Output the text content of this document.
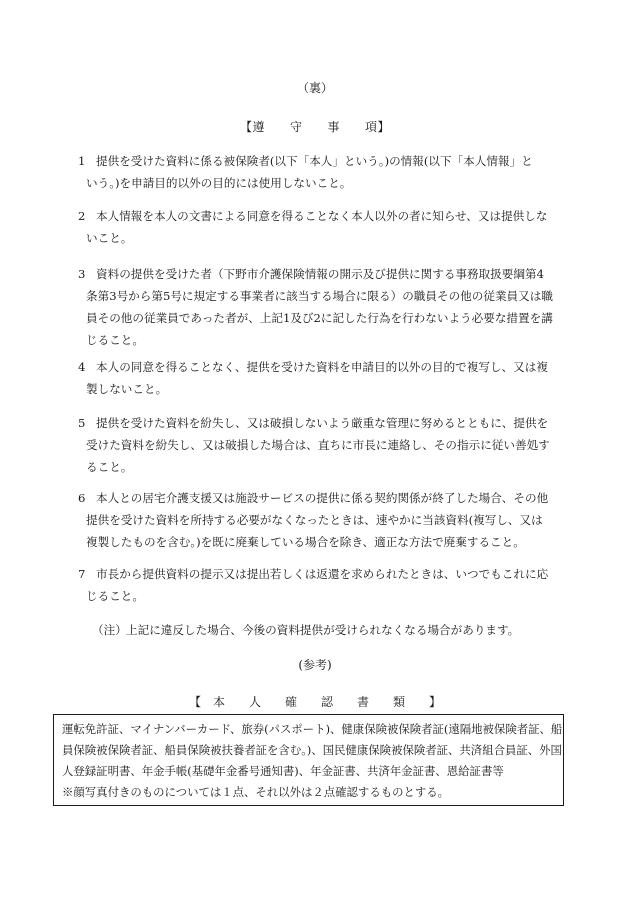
（裏）
【遵　　守　　事　　項】
1 提供を受けた資料に係る被保険者(以下「本人」という。)の情報(以下「本人情報」と
いう。)を申請目的以外の目的には使用しないこと。
2 本人情報を本人の文書による同意を得ることなく本人以外の者に知らせ、又は提供しな
いこと。
3 資料の提供を受けた者（下野市介護保険情報の開示及び提供に関する事務取扱要綱第4
条第3号から第5号に規定する事業者に該当する場合に限る）の職員その他の従業員又は職
員その他の従業員であった者が、上記1及び2に記した行為を行わないよう必要な措置を講
じること。
4 本人の同意を得ることなく、提供を受けた資料を申請目的以外の目的で複写し、又は複
製しないこと。
5 提供を受けた資料を紛失し、又は破損しないよう厳重な管理に努めるとともに、提供を
受けた資料を紛失し、又は破損した場合は、直ちに市長に連絡し、その指示に従い善処す
ること。
6 本人との居宅介護支援又は施設サービスの提供に係る契約関係が終了した場合、その他
提供を受けた資料を所持する必要がなくなったときは、速やかに当該資料(複写し、又は
複製したものを含む。)を既に廃棄している場合を除き、適正な方法で廃棄すること。
7 市長から提供資料の提示又は提出若しくは返還を求められたときは、いつでもこれに応
じること。
（注）上記に違反した場合、今後の資料提供が受けられなくなる場合があります。
(参考)
【　本　　人　　確　　認　　書　　類　　】
運転免許証、マイナンバーカード、旅券(パスポート)、健康保険被保険者証(遠隔地被保険者証、船
員保険被保険者証、船員保険被扶養者証を含む。)、国民健康保険被保険者証、共済組合員証、外国
人登録証明書、年金手帳(基礎年金番号通知書)、年金証書、共済年金証書、恩給証書等
※顔写真付きのものについては１点、それ以外は２点確認するものとする。
